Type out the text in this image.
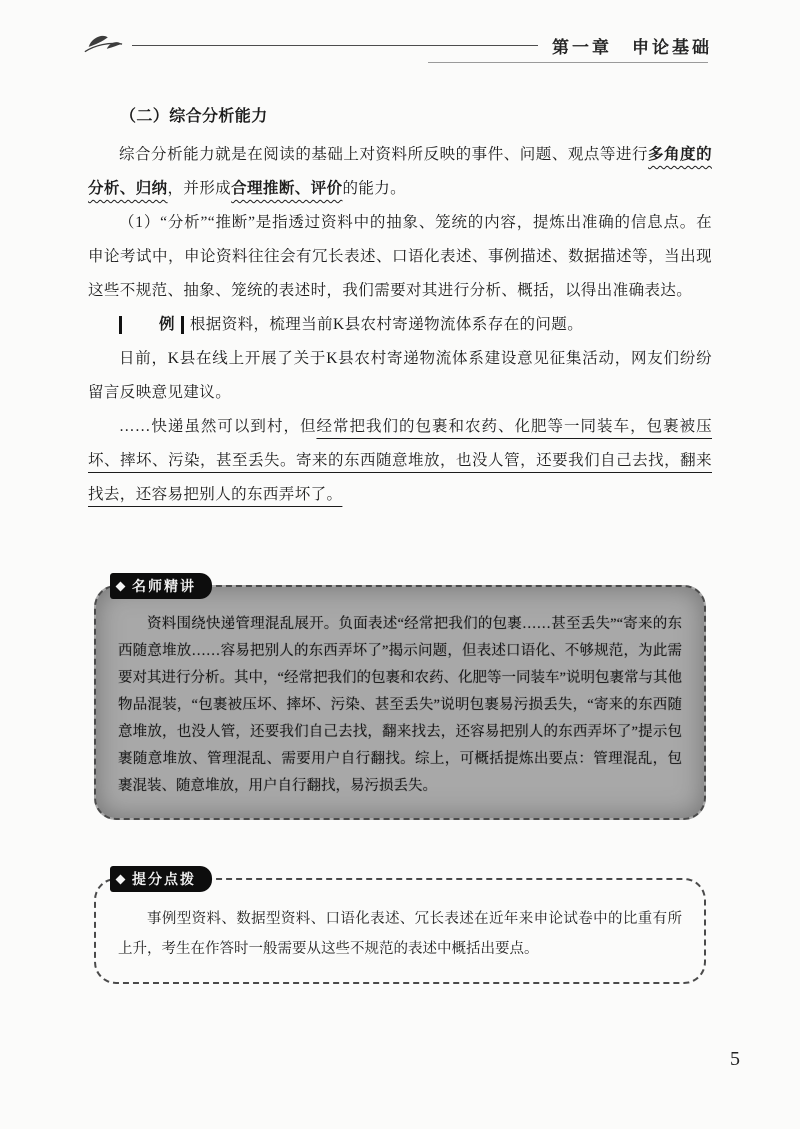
第一章　申论基础
（二）综合分析能力

综合分析能力就是在阅读的基础上对资料所反映的事件、问题、观点等进行多角度的分析、归纳，并形成合理推断、评价的能力。

（1）“分析”“推断”是指透过资料中的抽象、笼统的内容，提炼出准确的信息点。在申论考试中，申论资料往往会有冗长表述、口语化表述、事例描述、数据描述等，当出现这些不规范、抽象、笼统的表述时，我们需要对其进行分析、概括，以得出准确表达。

例 根据资料，梳理当前K县农村寄递物流体系存在的问题。

日前，K县在线上开展了关于K县农村寄递物流体系建设意见征集活动，网友们纷纷留言反映意见建议。

……快递虽然可以到村，但经常把我们的包裹和农药、化肥等一同装车，包裹被压坏、摔坏、污染，甚至丢失。寄来的东西随意堆放，也没人管，还要我们自己去找，翻来找去，还容易把别人的东西弄坏了。

名师精讲
资料围绕快递管理混乱展开。负面表述“经常把我们的包裹……甚至丢失”“寄来的东西随意堆放……容易把别人的东西弄坏了”揭示问题，但表述口语化、不够规范，为此需要对其进行分析。其中，“经常把我们的包裹和农药、化肥等一同装车”说明包裹常与其他物品混装，“包裹被压坏、摔坏、污染、甚至丢失”说明包裹易污损丢失，“寄来的东西随意堆放，也没人管，还要我们自己去找，翻来找去，还容易把别人的东西弄坏了”提示包裹随意堆放、管理混乱、需要用户自行翻找。综上，可概括提炼出要点：管理混乱，包裹混装、随意堆放，用户自行翻找，易污损丢失。
提分点拨
事例型资料、数据型资料、口语化表述、冗长表述在近年来申论试卷中的比重有所上升，考生在作答时一般需要从这些不规范的表述中概括出要点。
5
